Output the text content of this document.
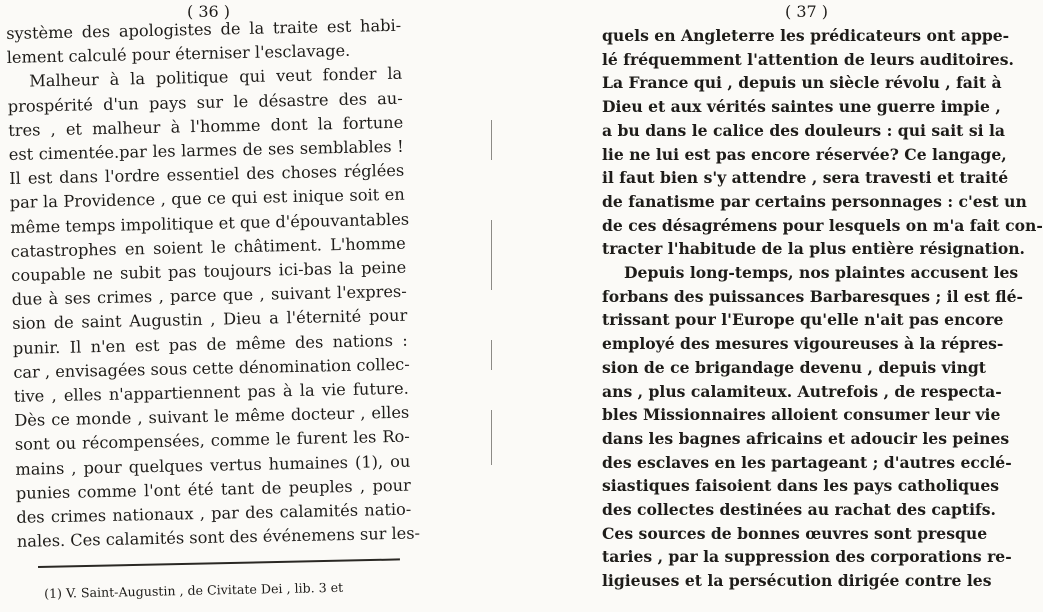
( 36 )
système des apologistes de la traite est habi-
lement calculé pour éterniser l'esclavage.
Malheur à la politique qui veut fonder la
prospérité d'un pays sur le désastre des au-
tres , et malheur à l'homme dont la fortune
est cimentée.par les larmes de ses semblables !
Il est dans l'ordre essentiel des choses réglées
par la Providence , que ce qui est inique soit en
même temps impolitique et que d'épouvantables
catastrophes en soient le châtiment. L'homme
coupable ne subit pas toujours ici-bas la peine
due à ses crimes , parce que , suivant l'expres-
sion de saint Augustin , Dieu a l'éternité pour
punir. Il n'en est pas de même des nations :
car , envisagées sous cette dénomination collec-
tive , elles n'appartiennent pas à la vie future.
Dès ce monde , suivant le même docteur , elles
sont ou récompensées, comme le furent les Ro-
mains , pour quelques vertus humaines (1), ou
punies comme l'ont été tant de peuples , pour
des crimes nationaux , par des calamités natio-
nales. Ces calamités sont des événemens sur les-
(1) V. Saint-Augustin , de Civitate Dei , lib. 3 et
( 37 )
quels en Angleterre les prédicateurs ont appe-
lé fréquemment l'attention de leurs auditoires.
La France qui , depuis un siècle révolu , fait à
Dieu et aux vérités saintes une guerre impie ,
a bu dans le calice des douleurs : qui sait si la
lie ne lui est pas encore réservée? Ce langage,
il faut bien s'y attendre , sera travesti et traité
de fanatisme par certains personnages : c'est un
de ces désagrémens pour lesquels on m'a fait con-
tracter l'habitude de la plus entière résignation.
Depuis long-temps, nos plaintes accusent les
forbans des puissances Barbaresques ; il est flé-
trissant pour l'Europe qu'elle n'ait pas encore
employé des mesures vigoureuses à la répres-
sion de ce brigandage devenu , depuis vingt
ans , plus calamiteux. Autrefois , de respecta-
bles Missionnaires alloient consumer leur vie
dans les bagnes africains et adoucir les peines
des esclaves en les partageant ; d'autres ecclé-
siastiques faisoient dans les pays catholiques
des collectes destinées au rachat des captifs.
Ces sources de bonnes œuvres sont presque
taries , par la suppression des corporations re-
ligieuses et la persécution dirigée contre les
